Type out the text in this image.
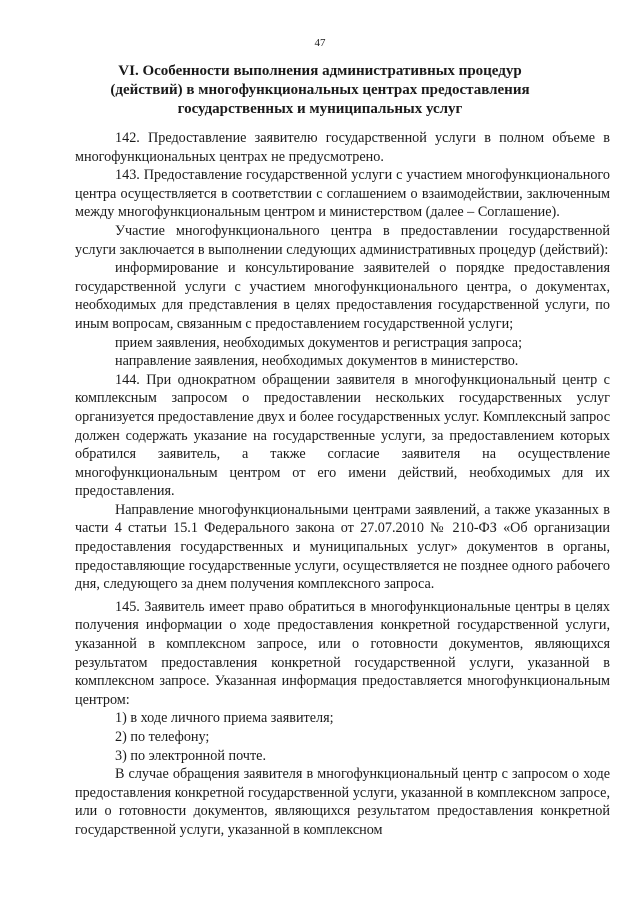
47
VI. Особенности выполнения административных процедур
(действий) в многофункциональных центрах предоставления
государственных и муниципальных услуг

142. Предоставление заявителю государственной услуги в полном объеме в многофункциональных центрах не предусмотрено.

143. Предоставление государственной услуги с участием многофункционального центра осуществляется в соответствии с соглашением о взаимодействии, заключенным между многофункциональным центром и министерством (далее – Соглашение).

Участие многофункционального центра в предоставлении государственной услуги заключается в выполнении следующих административных процедур (действий):

информирование и консультирование заявителей о порядке предоставления государственной услуги с участием многофункционального центра, о документах, необходимых для представления в целях предоставления государственной услуги, по иным вопросам, связанным с предоставлением государственной услуги;

прием заявления, необходимых документов и регистрация запроса;

направление заявления, необходимых документов в министерство.

144. При однократном обращении заявителя в многофункциональный центр с комплексным запросом о предоставлении нескольких государственных услуг организуется предоставление двух и более государственных услуг. Комплексный запрос должен содержать указание на государственные услуги, за предоставлением которых обратился заявитель, а также согласие заявителя на осуществление многофункциональным центром от его имени действий, необходимых для их предоставления.

Направление многофункциональными центрами заявлений, а также указанных в части 4 статьи 15.1 Федерального закона от 27.07.2010 № 210-ФЗ «Об организации предоставления государственных и муниципальных услуг» документов в органы, предоставляющие государственные услуги, осуществляется не позднее одного рабочего дня, следующего за днем получения комплексного запроса.

145. Заявитель имеет право обратиться в многофункциональные центры в целях получения информации о ходе предоставления конкретной государственной услуги, указанной в комплексном запросе, или о готовности документов, являющихся результатом предоставления конкретной государственной услуги, указанной в комплексном запросе. Указанная информация предоставляется многофункциональным центром:

1) в ходе личного приема заявителя;

2) по телефону;

3) по электронной почте.

В случае обращения заявителя в многофункциональный центр с запросом о ходе предоставления конкретной государственной услуги, указанной в комплексном запросе, или о готовности документов, являющихся результатом предоставления конкретной государственной услуги, указанной в комплексном
